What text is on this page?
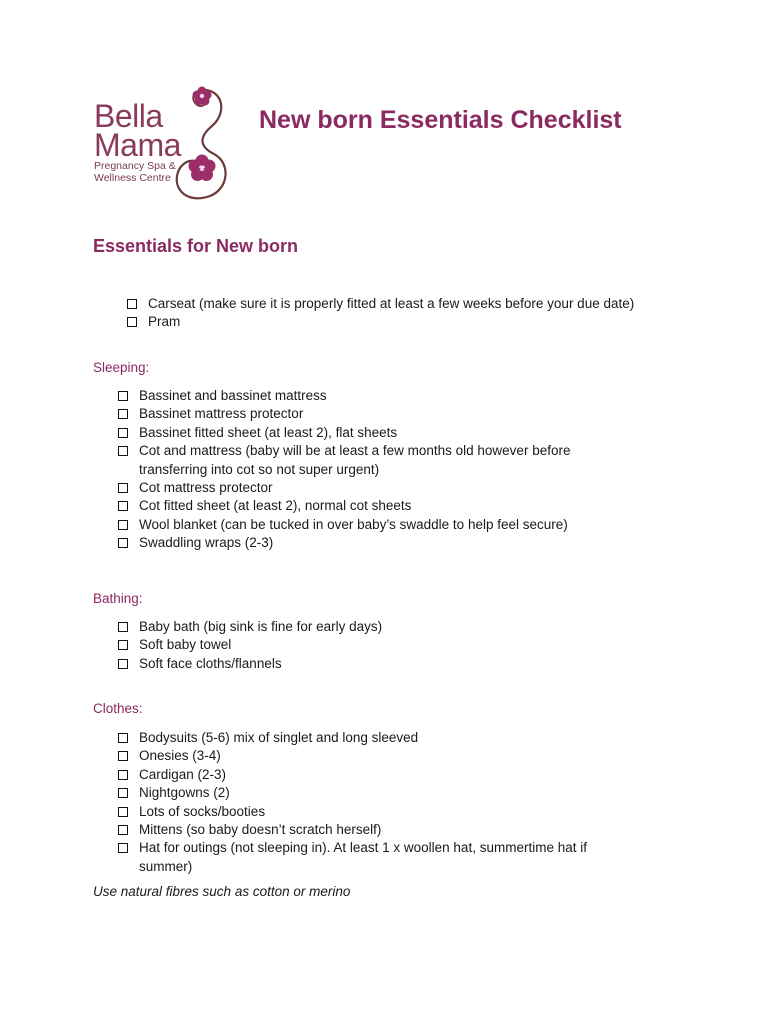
Bella
Mama
Pregnancy Spa &
Wellness Centre
New born Essentials Checklist
Essentials for New born
Carseat (make sure it is properly fitted at least a few weeks before your due date)
Pram
Sleeping:
Bassinet and bassinet mattress
Bassinet mattress protector
Bassinet fitted sheet (at least 2), flat sheets
Cot and mattress (baby will be at least a few months old however before transferring into cot so not super urgent)
Cot mattress protector
Cot fitted sheet (at least 2), normal cot sheets
Wool blanket (can be tucked in over baby’s swaddle to help feel secure)
Swaddling wraps (2-3)
Bathing:
Baby bath (big sink is fine for early days)
Soft baby towel
Soft face cloths/flannels
Clothes:
Bodysuits (5-6) mix of singlet and long sleeved
Onesies (3-4)
Cardigan (2-3)
Nightgowns (2)
Lots of socks/booties
Mittens (so baby doesn’t scratch herself)
Hat for outings (not sleeping in). At least 1 x woollen hat, summertime hat if summer)
Use natural fibres such as cotton or merino
